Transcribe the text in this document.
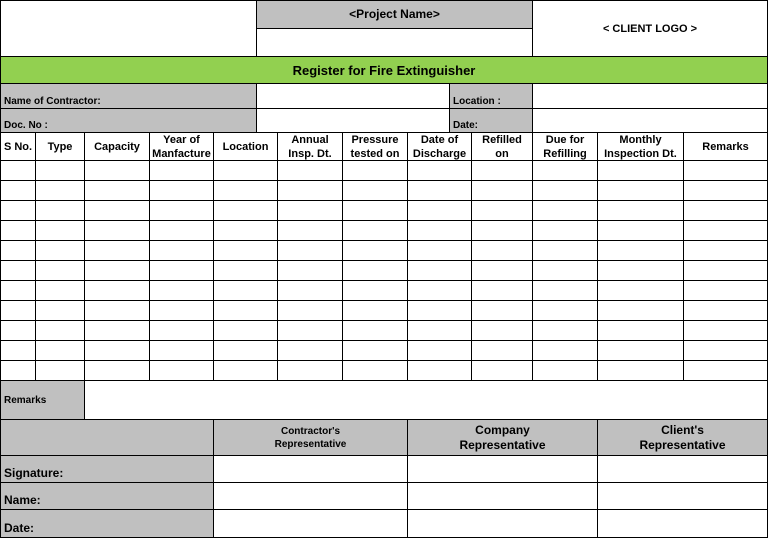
<Project Name>
< CLIENT LOGO >
Register for Fire Extinguisher
Name of Contractor:	Location :
Doc. No :	Date:
S No. Type Capacity
Year of
Manfacture
Location
Annual
Insp. Dt.
Pressure
tested on
Date of
Discharge
Refilled
on
Due for
Refilling
Monthly
Inspection Dt.
Remarks
Remarks
Contractor's
Representative
Company
Representative
Client's
Representative
Signature:
Name:
Date:
